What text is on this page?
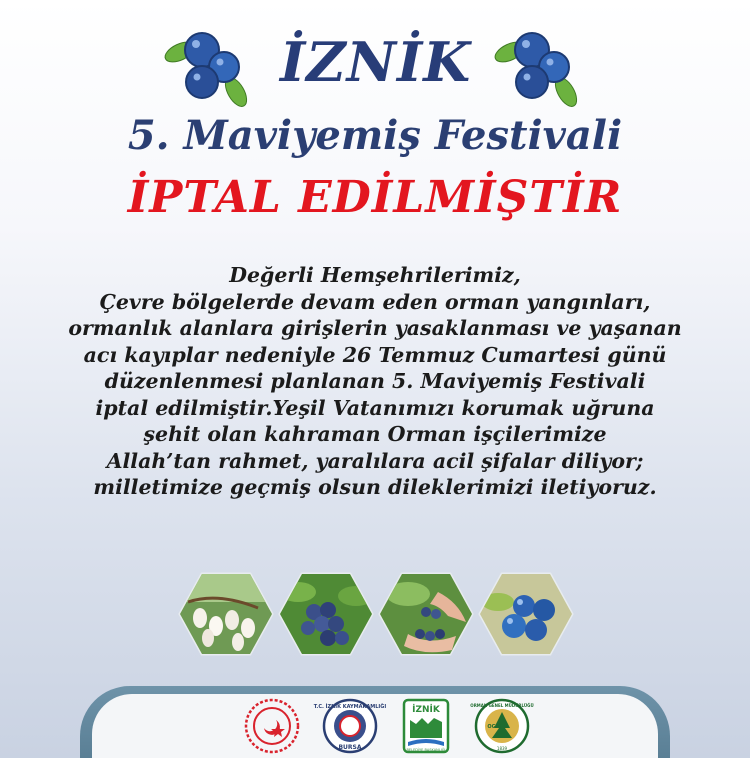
İZNİK
5. Maviyemiş Festivali
İPTAL EDİLMİŞTİR
Değerli Hemşehrilerimiz,
Çevre bölgelerde devam eden orman yangınları,
ormanlık alanlara girişlerin yasaklanması ve yaşanan
acı kayıplar nedeniyle 26 Temmuz Cumartesi günü
düzenlenmesi planlanan 5. Maviyemiş Festivali
iptal edilmiştir.Yeşil Vatanımızı korumak uğruna
şehit olan kahraman Orman işçilerimize
Allah’tan rahmet, yaralılara acil şifalar diliyor;
milletimize geçmiş olsun dileklerimizi iletiyoruz.
T.C. İZNİK KAYMAKAMLIĞI
BURSA
İZNİK
BELEDİYE BAŞKANLIĞI
ORMAN GENEL MÜDÜRLÜĞÜ
OGM
1839
